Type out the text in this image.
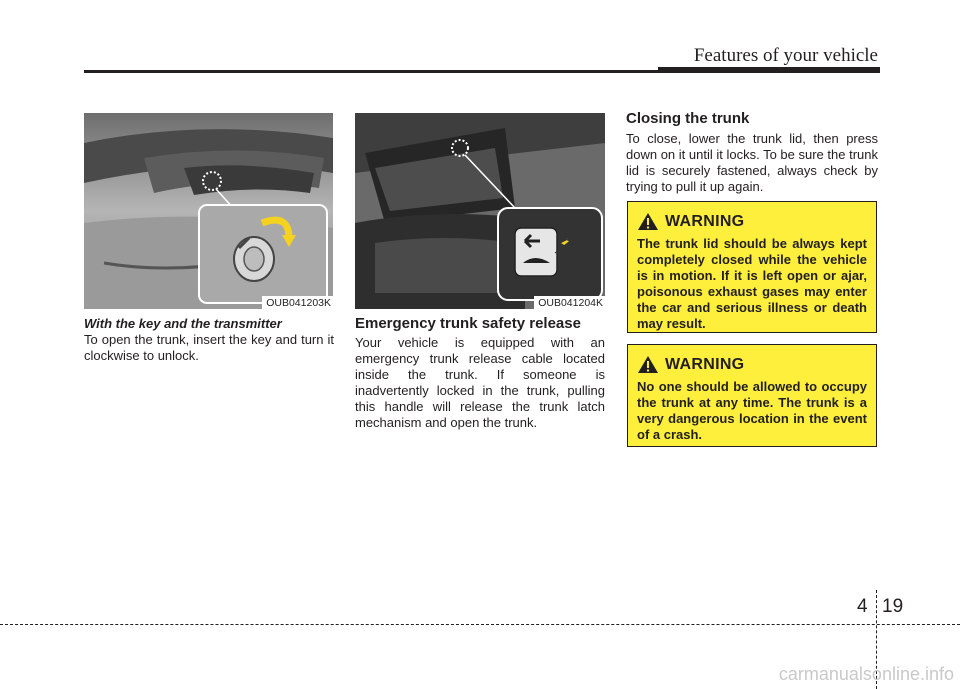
Features of your vehicle
OUB041203K	OUB041204K
With the key and the transmitter
To open the trunk, insert the key and turn it clockwise to unlock.
Emergency trunk safety release
Your vehicle is equipped with an emergency trunk release cable located inside the trunk. If someone is inadvertently locked in the trunk, pulling this handle will release the trunk latch mechanism and open the trunk.
Closing the trunk
To close, lower the trunk lid, then press down on it until it locks. To be sure the trunk lid is securely fastened, always check by trying to pull it up again.
WARNING
The trunk lid should be always kept completely closed while the vehicle is in motion. If it is left open or ajar, poisonous exhaust gases may enter the car and serious illness or death may result.
WARNING
No one should be allowed to occupy the trunk at any time. The trunk is a very dangerous location in the event of a crash.
4 19
carmanualsonline.info
